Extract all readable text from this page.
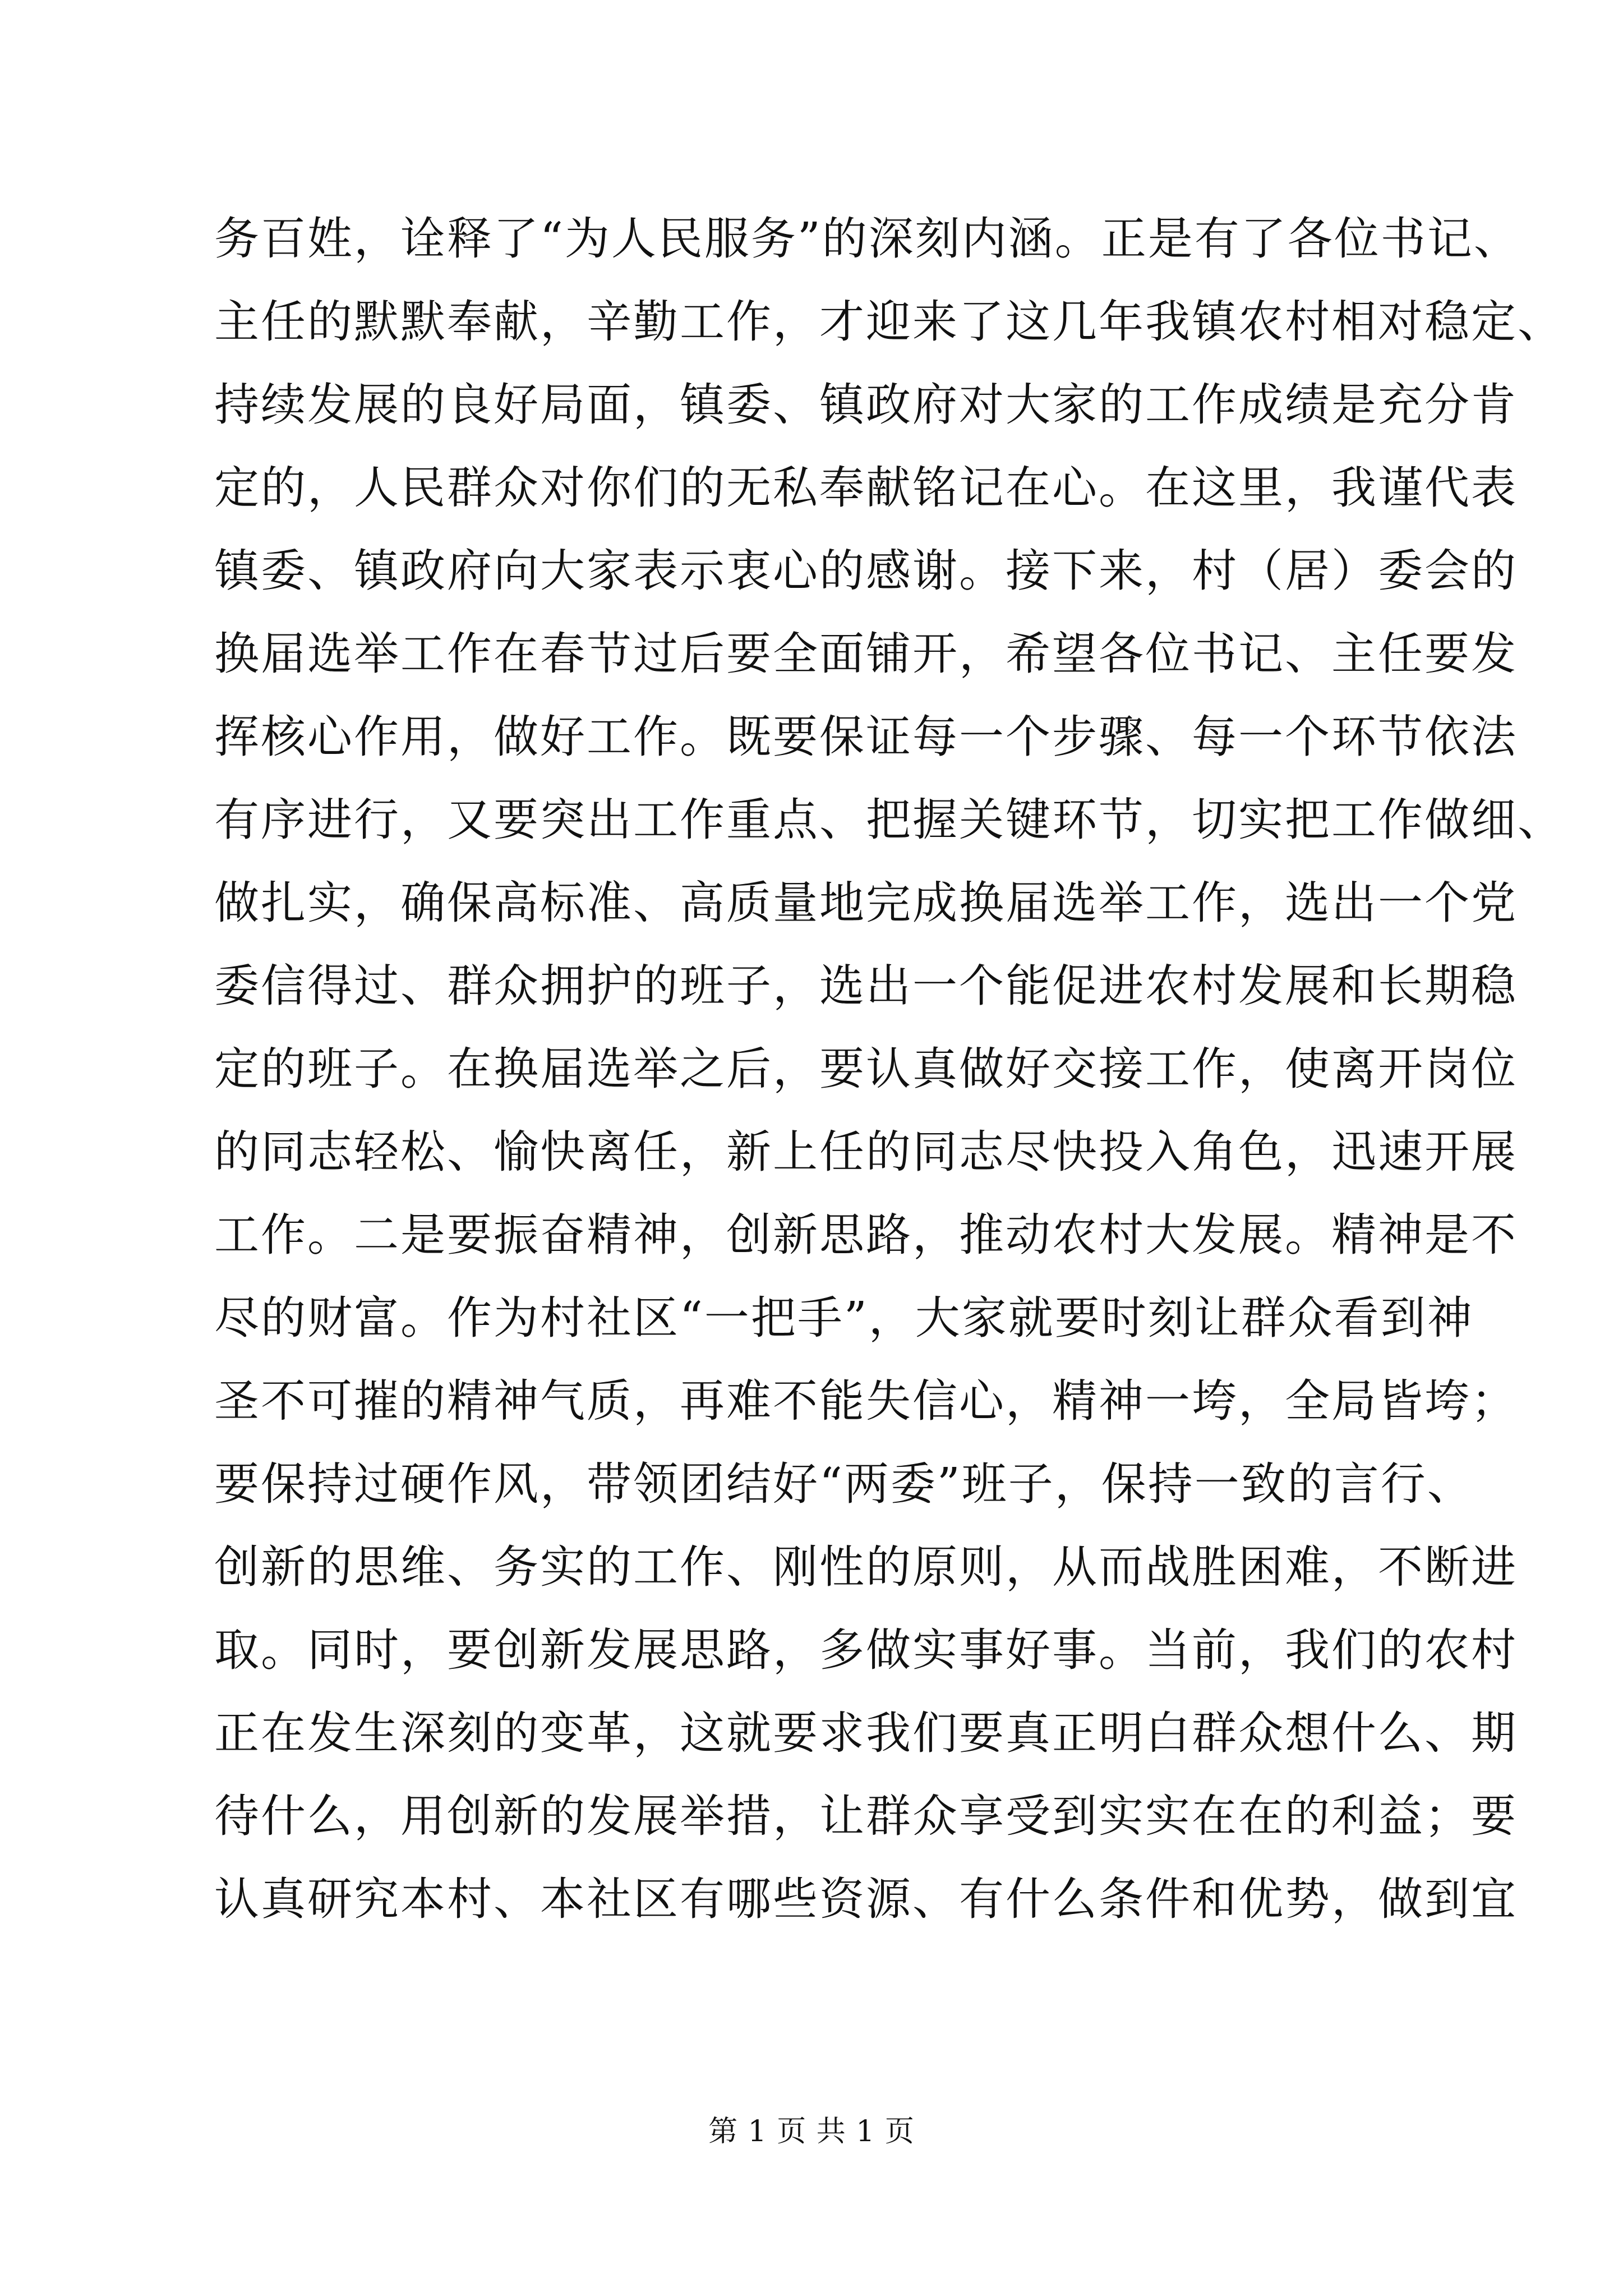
务百姓，诠释了“为人民服务”的深刻内涵。正是有了各位书记、
主任的默默奉献，辛勤工作，才迎来了这几年我镇农村相对稳定、
持续发展的良好局面，镇委、镇政府对大家的工作成绩是充分肯
定的，人民群众对你们的无私奉献铭记在心。在这里，我谨代表
镇委、镇政府向大家表示衷心的感谢。接下来，村（居）委会的
换届选举工作在春节过后要全面铺开，希望各位书记、主任要发
挥核心作用，做好工作。既要保证每一个步骤、每一个环节依法
有序进行，又要突出工作重点、把握关键环节，切实把工作做细、
做扎实，确保高标准、高质量地完成换届选举工作，选出一个党
委信得过、群众拥护的班子，选出一个能促进农村发展和长期稳
定的班子。在换届选举之后，要认真做好交接工作，使离开岗位
的同志轻松、愉快离任，新上任的同志尽快投入角色，迅速开展
工作。二是要振奋精神，创新思路，推动农村大发展。精神是不
尽的财富。作为村社区“一把手”，大家就要时刻让群众看到神
圣不可摧的精神气质，再难不能失信心，精神一垮，全局皆垮；
要保持过硬作风，带领团结好“两委”班子，保持一致的言行、
创新的思维、务实的工作、刚性的原则，从而战胜困难，不断进
取。同时，要创新发展思路，多做实事好事。当前，我们的农村
正在发生深刻的变革，这就要求我们要真正明白群众想什么、期
待什么，用创新的发展举措，让群众享受到实实在在的利益；要
认真研究本村、本社区有哪些资源、有什么条件和优势，做到宜
第 1 页 共 1 页
